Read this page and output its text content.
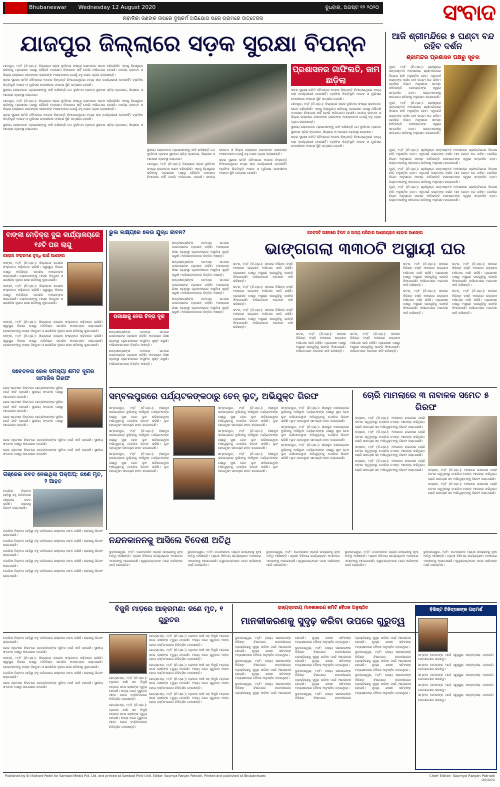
Bhubaneswar Wednesday 12 August 2020	ବୁଧବାର, ଅଗଷ୍ଟ ୧୨ ୨୦୨୦	ସଂବାଦ
ନାବାଳିକା ଜଣଙ୍କ ଉପରେ ଦୁଷ୍କର୍ମ ଅଭିଯୋଗ ପରେ ଗ୍ରାମରେ ଉତ୍ତେଜନା
ଯାଜପୁର ଜିଲ୍ଲାରେ ସଡ଼କ ସୁରକ୍ଷା ବିପନ୍ନ

ଯାଜପୁର, ୧୧/୮ (ନି.ପ୍ର.): ଜିଲ୍ଲାରେ ସଡ଼କ ଦୁର୍ଘଟଣା ସଂଖ୍ୟା କ୍ରମାଗତ ଭାବେ ବଢ଼ିଚାଲିଛି। ଏହାକୁ ନିୟନ୍ତ୍ରଣ କରିବାକୁ ପ୍ରଶାସନ ପକ୍ଷରୁ କୌଣସି ପଦକ୍ଷେପ ନିଆଯାଉ ନାହିଁ ବୋଲି ଅଭିଯୋଗ ହେଉଛି। ଜାତୀୟ ରାଜପଥ ଓ ଜିଲ୍ଲା ରାସ୍ତାରେ ଯାନବାହାନ ଚାଳକଙ୍କ ଅସାବଧାନତା ଯୋଗୁଁ ବହୁ ଲୋକ ପ୍ରାଣ ହରାଉଛନ୍ତି।

ସଡ଼କ ସୁରକ୍ଷା କମିଟି ବୈଠକରେ ଅନେକ ନିଷ୍ପତ୍ତି ନିଆଯାଇଥିଲେ ମଧ୍ୟ ତାହା କାର୍ଯ୍ୟକାରୀ ହେଉନାହିଁ। ଟ୍ରାଫିକ ଭିତ୍ତିଭୂମି ଅଭାବ ଓ ପୁଲିସର ଉଦାସୀନତା ଫଳରେ ସ୍ଥିତି ଗମ୍ଭୀର ହେଉଛି।

ସ୍ଥାନୀୟ ଲୋକମାନେ ପ୍ରଶାସନଙ୍କୁ ଦାବି କରିଛନ୍ତି ଯେ ଦୁର୍ଘଟଣା ପ୍ରବଣ ସ୍ଥାନରେ ସ୍ପିଡ଼ ବ୍ରେକର, ସିଗ୍ନାଲ ଓ ଆଲୋକ ବ୍ୟବସ୍ଥା କରାଯାଉ।

ଯାଜପୁର, ୧୧/୮ (ନି.ପ୍ର.): ଜିଲ୍ଲାରେ ସଡ଼କ ଦୁର୍ଘଟଣା ସଂଖ୍ୟା କ୍ରମାଗତ ଭାବେ ବଢ଼ିଚାଲିଛି। ଏହାକୁ ନିୟନ୍ତ୍ରଣ କରିବାକୁ ପ୍ରଶାସନ ପକ୍ଷରୁ କୌଣସି ପଦକ୍ଷେପ ନିଆଯାଉ ନାହିଁ ବୋଲି ଅଭିଯୋଗ ହେଉଛି। ଜାତୀୟ ରାଜପଥ ଓ ଜିଲ୍ଲା ରାସ୍ତାରେ ଯାନବାହାନ ଚାଳକଙ୍କ ଅସାବଧାନତା ଯୋଗୁଁ ବହୁ ଲୋକ ପ୍ରାଣ ହରାଉଛନ୍ତି।

ସଡ଼କ ସୁରକ୍ଷା କମିଟି ବୈଠକରେ ଅନେକ ନିଷ୍ପତ୍ତି ନିଆଯାଇଥିଲେ ମଧ୍ୟ ତାହା କାର୍ଯ୍ୟକାରୀ ହେଉନାହିଁ। ଟ୍ରାଫିକ ଭିତ୍ତିଭୂମି ଅଭାବ ଓ ପୁଲିସର ଉଦାସୀନତା ଫଳରେ ସ୍ଥିତି ଗମ୍ଭୀର ହେଉଛି।

ସ୍ଥାନୀୟ ଲୋକମାନେ ପ୍ରଶାସନଙ୍କୁ ଦାବି କରିଛନ୍ତି ଯେ ଦୁର୍ଘଟଣା ପ୍ରବଣ ସ୍ଥାନରେ ସ୍ପିଡ଼ ବ୍ରେକର, ସିଗ୍ନାଲ ଓ ଆଲୋକ ବ୍ୟବସ୍ଥା କରାଯାଉ।

ପ୍ରଶାସନର ଗାଫିଲତି, ଜାମ ଛାଡ଼ିଲା

ସଡ଼କ ସୁରକ୍ଷା କମିଟି ବୈଠକରେ ଅନେକ ନିଷ୍ପତ୍ତି ନିଆଯାଇଥିଲେ ମଧ୍ୟ ତାହା କାର୍ଯ୍ୟକାରୀ ହେଉନାହିଁ। ଟ୍ରାଫିକ ଭିତ୍ତିଭୂମି ଅଭାବ ଓ ପୁଲିସର ଉଦାସୀନତା ଫଳରେ ସ୍ଥିତି ଗମ୍ଭୀର ହେଉଛି।

ଯାଜପୁର, ୧୧/୮ (ନି.ପ୍ର.): ଜିଲ୍ଲାରେ ସଡ଼କ ଦୁର୍ଘଟଣା ସଂଖ୍ୟା କ୍ରମାଗତ ଭାବେ ବଢ଼ିଚାଲିଛି। ଏହାକୁ ନିୟନ୍ତ୍ରଣ କରିବାକୁ ପ୍ରଶାସନ ପକ୍ଷରୁ କୌଣସି ପଦକ୍ଷେପ ନିଆଯାଉ ନାହିଁ ବୋଲି ଅଭିଯୋଗ ହେଉଛି। ଜାତୀୟ ରାଜପଥ ଓ ଜିଲ୍ଲା ରାସ୍ତାରେ ଯାନବାହାନ ଚାଳକଙ୍କ ଅସାବଧାନତା ଯୋଗୁଁ ବହୁ ଲୋକ ପ୍ରାଣ ହରାଉଛନ୍ତି।

ସ୍ଥାନୀୟ ଲୋକମାନେ ପ୍ରଶାସନଙ୍କୁ ଦାବି କରିଛନ୍ତି ଯେ ଦୁର୍ଘଟଣା ପ୍ରବଣ ସ୍ଥାନରେ ସ୍ପିଡ଼ ବ୍ରେକର, ସିଗ୍ନାଲ ଓ ଆଲୋକ ବ୍ୟବସ୍ଥା କରାଯାଉ।

ସଡ଼କ ସୁରକ୍ଷା କମିଟି ବୈଠକରେ ଅନେକ ନିଷ୍ପତ୍ତି ନିଆଯାଇଥିଲେ ମଧ୍ୟ ତାହା କାର୍ଯ୍ୟକାରୀ ହେଉନାହିଁ। ଟ୍ରାଫିକ ଭିତ୍ତିଭୂମି ଅଭାବ ଓ ପୁଲିସର ଉଦାସୀନତା ଫଳରେ ସ୍ଥିତି ଗମ୍ଭୀର ହେଉଛି।

ସ୍ଥାନୀୟ ଲୋକମାନେ ପ୍ରଶାସନଙ୍କୁ ଦାବି କରିଛନ୍ତି ଯେ ଦୁର୍ଘଟଣା ପ୍ରବଣ ସ୍ଥାନରେ ସ୍ପିଡ଼ ବ୍ରେକର, ସିଗ୍ନାଲ ଓ ଆଲୋକ ବ୍ୟବସ୍ଥା କରାଯାଉ।

ଯାଜପୁର, ୧୧/୮ (ନି.ପ୍ର.): ଜିଲ୍ଲାରେ ସଡ଼କ ଦୁର୍ଘଟଣା ସଂଖ୍ୟା କ୍ରମାଗତ ଭାବେ ବଢ଼ିଚାଲିଛି। ଏହାକୁ ନିୟନ୍ତ୍ରଣ କରିବାକୁ ପ୍ରଶାସନ ପକ୍ଷରୁ କୌଣସି ପଦକ୍ଷେପ ନିଆଯାଉ ନାହିଁ ବୋଲି ଅଭିଯୋଗ ହେଉଛି। ଜାତୀୟ ରାଜପଥ ଓ ଜିଲ୍ଲା ରାସ୍ତାରେ ଯାନବାହାନ ଚାଳକଙ୍କ ଅସାବଧାନତା ଯୋଗୁଁ ବହୁ ଲୋକ ପ୍ରାଣ ହରାଉଛନ୍ତି।

ସଡ଼କ ସୁରକ୍ଷା କମିଟି ବୈଠକରେ ଅନେକ ନିଷ୍ପତ୍ତି ନିଆଯାଇଥିଲେ ମଧ୍ୟ ତାହା କାର୍ଯ୍ୟକାରୀ ହେଉନାହିଁ। ଟ୍ରାଫିକ ଭିତ୍ତିଭୂମି ଅଭାବ ଓ ପୁଲିସର ଉଦାସୀନତା ଫଳରେ ସ୍ଥିତି ଗମ୍ଭୀର ହେଉଛି।

ଆଜି ଶ୍ରୀମନ୍ଦିରେ ୫ ଘଣ୍ଟା ବନ୍ଦ ରହିବ ଦର୍ଶନ
ଶ୍ରୀମନ୍ଦିର ପ୍ରଶାସନ ପକ୍ଷରୁ ସୂଚନା

ପୁରୀ, ୧୧/୮ (ନି.ପ୍ର.): ଶ୍ରୀକୃଷ୍ଣ ଜନ୍ମାଷ୍ଟମୀ ଅବସରରେ ଶ୍ରୀମନ୍ଦିରରେ ବିଶେଷ ନୀତି ଅନୁଷ୍ଠିତ ହେବ। ଏଥିପାଇଁ ଭକ୍ତଙ୍କ ଦର୍ଶନ ପାଞ୍ଚ ଘଣ୍ଟା ବନ୍ଦ ରହିବ। କୋଭିଡ଼ ନିୟମ ଅନୁସାରେ ସମସ୍ତ ନୀତିକାନ୍ତି ସେବାୟତଙ୍କ ଦ୍ୱାରା ସମ୍ପାଦିତ ହେବ। ଭକ୍ତମାନଙ୍କୁ ସହଯୋଗ କରିବାକୁ ଅନୁରୋଧ କରାଯାଇଛି।

ପୁରୀ, ୧୧/୮ (ନି.ପ୍ର.): ଶ୍ରୀକୃଷ୍ଣ ଜନ୍ମାଷ୍ଟମୀ ଅବସରରେ ଶ୍ରୀମନ୍ଦିରରେ ବିଶେଷ ନୀତି ଅନୁଷ୍ଠିତ ହେବ। ଏଥିପାଇଁ ଭକ୍ତଙ୍କ ଦର୍ଶନ ପାଞ୍ଚ ଘଣ୍ଟା ବନ୍ଦ ରହିବ। କୋଭିଡ଼ ନିୟମ ଅନୁସାରେ ସମସ୍ତ ନୀତିକାନ୍ତି ସେବାୟତଙ୍କ ଦ୍ୱାରା ସମ୍ପାଦିତ ହେବ। ଭକ୍ତମାନଙ୍କୁ ସହଯୋଗ କରିବାକୁ ଅନୁରୋଧ କରାଯାଇଛି।

ପୁରୀ, ୧୧/୮ (ନି.ପ୍ର.): ଶ୍ରୀକୃଷ୍ଣ ଜନ୍ମାଷ୍ଟମୀ ଅବସରରେ ଶ୍ରୀମନ୍ଦିରରେ ବିଶେଷ ନୀତି ଅନୁଷ୍ଠିତ ହେବ। ଏଥିପାଇଁ ଭକ୍ତଙ୍କ ଦର୍ଶନ ପାଞ୍ଚ ଘଣ୍ଟା ବନ୍ଦ ରହିବ। କୋଭିଡ଼ ନିୟମ ଅନୁସାରେ ସମସ୍ତ ନୀତିକାନ୍ତି ସେବାୟତଙ୍କ ଦ୍ୱାରା ସମ୍ପାଦିତ ହେବ। ଭକ୍ତମାନଙ୍କୁ ସହଯୋଗ କରିବାକୁ ଅନୁରୋଧ କରାଯାଇଛି।

ପୁରୀ, ୧୧/୮ (ନି.ପ୍ର.): ଶ୍ରୀକୃଷ୍ଣ ଜନ୍ମାଷ୍ଟମୀ ଅବସରରେ ଶ୍ରୀମନ୍ଦିରରେ ବିଶେଷ ନୀତି ଅନୁଷ୍ଠିତ ହେବ। ଏଥିପାଇଁ ଭକ୍ତଙ୍କ ଦର୍ଶନ ପାଞ୍ଚ ଘଣ୍ଟା ବନ୍ଦ ରହିବ। କୋଭିଡ଼ ନିୟମ ଅନୁସାରେ ସମସ୍ତ ନୀତିକାନ୍ତି ସେବାୟତଙ୍କ ଦ୍ୱାରା ସମ୍ପାଦିତ ହେବ। ଭକ୍ତମାନଙ୍କୁ ସହଯୋଗ କରିବାକୁ ଅନୁରୋଧ କରାଯାଇଛି।

ପୁରୀ, ୧୧/୮ (ନି.ପ୍ର.): ଶ୍ରୀକୃଷ୍ଣ ଜନ୍ମାଷ୍ଟମୀ ଅବସରରେ ଶ୍ରୀମନ୍ଦିରରେ ବିଶେଷ ନୀତି ଅନୁଷ୍ଠିତ ହେବ। ଏଥିପାଇଁ ଭକ୍ତଙ୍କ ଦର୍ଶନ ପାଞ୍ଚ ଘଣ୍ଟା ବନ୍ଦ ରହିବ। କୋଭିଡ଼ ନିୟମ ଅନୁସାରେ ସମସ୍ତ ନୀତିକାନ୍ତି ସେବାୟତଙ୍କ ଦ୍ୱାରା ସମ୍ପାଦିତ ହେବ। ଭକ୍ତମାନଙ୍କୁ ସହଯୋଗ କରିବାକୁ ଅନୁରୋଧ କରାଯାଇଛି।

ବାଙ୍କୀ ମେଡ଼ିକ୍ରା ଦୁଇ କାର୍ଯ୍ୟାଳୟରେ ୧୬ଟି ଘର ଲାଗୁ
କରୋନା ସଂକ୍ରମଣ ବୃଦ୍ଧି ପାଇଁ ଆଶଙ୍କା

ବାଙ୍କୀ, ୧୧/୮ (ନି.ପ୍ର.): ଜିଲ୍ଲାରେ କରୋନା ସଂକ୍ରମଣ ବଢ଼ିବାରେ ଲାଗିଛି। ସ୍ୱାସ୍ଥ୍ୟ ବିଭାଗ ପକ୍ଷରୁ ଅତିରିକ୍ତ ସତର୍କତା ଅବଲମ୍ବନ କରାଯାଇଛି। ଲୋକମାନଙ୍କୁ ମାସ୍କ ପିନ୍ଧିବା ଓ ଶାରୀରିକ ଦୂରତା ରକ୍ଷା କରିବାକୁ କୁହାଯାଇଛି।

ବାଙ୍କୀ, ୧୧/୮ (ନି.ପ୍ର.): ଜିଲ୍ଲାରେ କରୋନା ସଂକ୍ରମଣ ବଢ଼ିବାରେ ଲାଗିଛି। ସ୍ୱାସ୍ଥ୍ୟ ବିଭାଗ ପକ୍ଷରୁ ଅତିରିକ୍ତ ସତର୍କତା ଅବଲମ୍ବନ କରାଯାଇଛି। ଲୋକମାନଙ୍କୁ ମାସ୍କ ପିନ୍ଧିବା ଓ ଶାରୀରିକ ଦୂରତା ରକ୍ଷା କରିବାକୁ କୁହାଯାଇଛି।

ବାଙ୍କୀ, ୧୧/୮ (ନି.ପ୍ର.): ଜିଲ୍ଲାରେ କରୋନା ସଂକ୍ରମଣ ବଢ଼ିବାରେ ଲାଗିଛି। ସ୍ୱାସ୍ଥ୍ୟ ବିଭାଗ ପକ୍ଷରୁ ଅତିରିକ୍ତ ସତର୍କତା ଅବଲମ୍ବନ କରାଯାଇଛି। ଲୋକମାନଙ୍କୁ ମାସ୍କ ପିନ୍ଧିବା ଓ ଶାରୀରିକ ଦୂରତା ରକ୍ଷା କରିବାକୁ କୁହାଯାଇଛି।

ବାଙ୍କୀ, ୧୧/୮ (ନି.ପ୍ର.): ଜିଲ୍ଲାରେ କରୋନା ସଂକ୍ରମଣ ବଢ଼ିବାରେ ଲାଗିଛି। ସ୍ୱାସ୍ଥ୍ୟ ବିଭାଗ ପକ୍ଷରୁ ଅତିରିକ୍ତ ସତର୍କତା ଅବଲମ୍ବନ କରାଯାଇଛି। ଲୋକମାନଙ୍କୁ ମାସ୍କ ପିନ୍ଧିବା ଓ ଶାରୀରିକ ଦୂରତା ରକ୍ଷା କରିବାକୁ କୁହାଯାଇଛି।

ଭୁଲ ଲକ୍ଷ୍ୟରେ କେଉଁ ଯୁଦ୍ଧ ଜୀବନ?

ଛାତ୍ରଛାତ୍ରୀଙ୍କ ପାଠପଢ଼ା ଉପରେ ଲକଡାଉନର ପ୍ରଭାବ ପଡ଼ିଛି। ଅନଲାଇନ ଶିକ୍ଷା ବ୍ୟବସ୍ଥା ଗ୍ରାମାଞ୍ଚଳରେ ଅସୁବିଧା ସୃଷ୍ଟି କରୁଛି। ଅଭିଭାବକମାନେ ଚିନ୍ତିତ ଅଛନ୍ତି।

ଛାତ୍ରଛାତ୍ରୀଙ୍କ ପାଠପଢ଼ା ଉପରେ ଲକଡାଉନର ପ୍ରଭାବ ପଡ଼ିଛି। ଅନଲାଇନ ଶିକ୍ଷା ବ୍ୟବସ୍ଥା ଗ୍ରାମାଞ୍ଚଳରେ ଅସୁବିଧା ସୃଷ୍ଟି କରୁଛି। ଅଭିଭାବକମାନେ ଚିନ୍ତିତ ଅଛନ୍ତି।

ଛାତ୍ରଛାତ୍ରୀଙ୍କ ପାଠପଢ଼ା ଉପରେ ଲକଡାଉନର ପ୍ରଭାବ ପଡ଼ିଛି। ଅନଲାଇନ ଶିକ୍ଷା ବ୍ୟବସ୍ଥା ଗ୍ରାମାଞ୍ଚଳରେ ଅସୁବିଧା ସୃଷ୍ଟି କରୁଛି। ଅଭିଭାବକମାନେ ଚିନ୍ତିତ ଅଛନ୍ତି।

ଛାତ୍ରଛାତ୍ରୀଙ୍କ ପାଠପଢ଼ା ଉପରେ ଲକଡାଉନର ପ୍ରଭାବ ପଡ଼ିଛି। ଅନଲାଇନ ଶିକ୍ଷା ବ୍ୟବସ୍ଥା ଗ୍ରାମାଞ୍ଚଳରେ ଅସୁବିଧା ସୃଷ୍ଟି କରୁଛି। ଅଭିଭାବକମାନେ ଚିନ୍ତିତ ଅଛନ୍ତି।

ପରୀକ୍ଷାକୁ ନେଇ ଚିନ୍ତା ଦୂର

ଛାତ୍ରଛାତ୍ରୀଙ୍କ ପାଠପଢ଼ା ଉପରେ ଲକଡାଉନର ପ୍ରଭାବ ପଡ଼ିଛି। ଅନଲାଇନ ଶିକ୍ଷା ବ୍ୟବସ୍ଥା ଗ୍ରାମାଞ୍ଚଳରେ ଅସୁବିଧା ସୃଷ୍ଟି କରୁଛି। ଅଭିଭାବକମାନେ ଚିନ୍ତିତ ଅଛନ୍ତି।

ଛାତ୍ରଛାତ୍ରୀଙ୍କ ପାଠପଢ଼ା ଉପରେ ଲକଡାଉନର ପ୍ରଭାବ ପଡ଼ିଛି। ଅନଲାଇନ ଶିକ୍ଷା ବ୍ୟବସ୍ଥା ଗ୍ରାମାଞ୍ଚଳରେ ଅସୁବିଧା ସୃଷ୍ଟି କରୁଛି। ଅଭିଭାବକମାନେ ଚିନ୍ତିତ ଅଛନ୍ତି।

ଜନବସତି ଅଞ୍ଚଳରେ ବିପଦ ଓ ଅନ୍ୟ ପରିବାର ଆଶ୍ରୟହୀନ ହେବାର ଆଶଙ୍କା
ଭାଙ୍ଗଗଲା ୩୩୦ଟି ଅସ୍ଥାୟୀ ଘର

କଟକ, ୧୧/୮ (ନି.ପ୍ର.): ସହରର ବିଭିନ୍ନ ବସ୍ତି ଅଞ୍ଚଳରେ ଉଚ୍ଛେଦ ଅଭିଯାନ ଜାରି ରହିଛି। ପ୍ରଶାସନ ପକ୍ଷରୁ ଅସ୍ଥାୟୀ ଘରଗୁଡ଼ିକୁ ଭାଙ୍ଗି ଦିଆଯାଇଛି। ବାସିନ୍ଦାମାନେ ଥଇଥାନ ଦାବି କରିଛନ୍ତି।

କଟକ, ୧୧/୮ (ନି.ପ୍ର.): ସହରର ବିଭିନ୍ନ ବସ୍ତି ଅଞ୍ଚଳରେ ଉଚ୍ଛେଦ ଅଭିଯାନ ଜାରି ରହିଛି। ପ୍ରଶାସନ ପକ୍ଷରୁ ଅସ୍ଥାୟୀ ଘରଗୁଡ଼ିକୁ ଭାଙ୍ଗି ଦିଆଯାଇଛି। ବାସିନ୍ଦାମାନେ ଥଇଥାନ ଦାବି କରିଛନ୍ତି।

କଟକ, ୧୧/୮ (ନି.ପ୍ର.): ସହରର ବିଭିନ୍ନ ବସ୍ତି ଅଞ୍ଚଳରେ ଉଚ୍ଛେଦ ଅଭିଯାନ ଜାରି ରହିଛି। ପ୍ରଶାସନ ପକ୍ଷରୁ ଅସ୍ଥାୟୀ ଘରଗୁଡ଼ିକୁ ଭାଙ୍ଗି ଦିଆଯାଇଛି। ବାସିନ୍ଦାମାନେ ଥଇଥାନ ଦାବି କରିଛନ୍ତି।

କଟକ, ୧୧/୮ (ନି.ପ୍ର.): ସହରର ବିଭିନ୍ନ ବସ୍ତି ଅଞ୍ଚଳରେ ଉଚ୍ଛେଦ ଅଭିଯାନ ଜାରି ରହିଛି। ପ୍ରଶାସନ ପକ୍ଷରୁ ଅସ୍ଥାୟୀ ଘରଗୁଡ଼ିକୁ ଭାଙ୍ଗି ଦିଆଯାଇଛି। ବାସିନ୍ଦାମାନେ ଥଇଥାନ ଦାବି କରିଛନ୍ତି।

କଟକ, ୧୧/୮ (ନି.ପ୍ର.): ସହରର ବିଭିନ୍ନ ବସ୍ତି ଅଞ୍ଚଳରେ ଉଚ୍ଛେଦ ଅଭିଯାନ ଜାରି ରହିଛି। ପ୍ରଶାସନ ପକ୍ଷରୁ ଅସ୍ଥାୟୀ ଘରଗୁଡ଼ିକୁ ଭାଙ୍ଗି ଦିଆଯାଇଛି। ବାସିନ୍ଦାମାନେ ଥଇଥାନ ଦାବି କରିଛନ୍ତି।

କଟକ, ୧୧/୮ (ନି.ପ୍ର.): ସହରର ବିଭିନ୍ନ ବସ୍ତି ଅଞ୍ଚଳରେ ଉଚ୍ଛେଦ ଅଭିଯାନ ଜାରି ରହିଛି। ପ୍ରଶାସନ ପକ୍ଷରୁ ଅସ୍ଥାୟୀ ଘରଗୁଡ଼ିକୁ ଭାଙ୍ଗି ଦିଆଯାଇଛି। ବାସିନ୍ଦାମାନେ ଥଇଥାନ ଦାବି କରିଛନ୍ତି।

କଟକ, ୧୧/୮ (ନି.ପ୍ର.): ସହରର ବିଭିନ୍ନ ବସ୍ତି ଅଞ୍ଚଳରେ ଉଚ୍ଛେଦ ଅଭିଯାନ ଜାରି ରହିଛି। ପ୍ରଶାସନ ପକ୍ଷରୁ ଅସ୍ଥାୟୀ ଘରଗୁଡ଼ିକୁ ଭାଙ୍ଗି ଦିଆଯାଇଛି। ବାସିନ୍ଦାମାନେ ଥଇଥାନ ଦାବି କରିଛନ୍ତି।

କଟକ, ୧୧/୮ (ନି.ପ୍ର.): ସହରର ବିଭିନ୍ନ ବସ୍ତି ଅଞ୍ଚଳରେ ଉଚ୍ଛେଦ ଅଭିଯାନ ଜାରି ରହିଛି। ପ୍ରଶାସନ ପକ୍ଷରୁ ଅସ୍ଥାୟୀ ଘରଗୁଡ଼ିକୁ ଭାଙ୍ଗି ଦିଆଯାଇଛି। ବାସିନ୍ଦାମାନେ ଥଇଥାନ ଦାବି କରିଛନ୍ତି।

କଟକ, ୧୧/୮ (ନି.ପ୍ର.): ସହରର ବିଭିନ୍ନ ବସ୍ତି ଅଞ୍ଚଳରେ ଉଚ୍ଛେଦ ଅଭିଯାନ ଜାରି ରହିଛି। ପ୍ରଶାସନ ପକ୍ଷରୁ ଅସ୍ଥାୟୀ ଘରଗୁଡ଼ିକୁ ଭାଙ୍ଗି ଦିଆଯାଇଛି। ବାସିନ୍ଦାମାନେ ଥଇଥାନ ଦାବି କରିଛନ୍ତି।

ସଚେତନତା ରେଳ ସମସ୍ୟା ଶମିତି ଦୂର୍ଗର ସାମାଜିକ ଗିରଫ

ରେଳ ଷ୍ଟେସନ ନିକଟରେ ଯାତ୍ରୀମାନଙ୍କ ସୁବିଧା ପାଇଁ ଦାବି ହୋଇଛି। ସ୍ଥାନୀୟ ସଂଗଠନ ପକ୍ଷରୁ ଆନ୍ଦୋଳନ ହୋଇଛି।

ରେଳ ଷ୍ଟେସନ ନିକଟରେ ଯାତ୍ରୀମାନଙ୍କ ସୁବିଧା ପାଇଁ ଦାବି ହୋଇଛି। ସ୍ଥାନୀୟ ସଂଗଠନ ପକ୍ଷରୁ ଆନ୍ଦୋଳନ ହୋଇଛି।

ରେଳ ଷ୍ଟେସନ ନିକଟରେ ଯାତ୍ରୀମାନଙ୍କ ସୁବିଧା ପାଇଁ ଦାବି ହୋଇଛି। ସ୍ଥାନୀୟ ସଂଗଠନ ପକ୍ଷରୁ ଆନ୍ଦୋଳନ ହୋଇଛି।

ରେଳ ଷ୍ଟେସନ ନିକଟରେ ଯାତ୍ରୀମାନଙ୍କ ସୁବିଧା ପାଇଁ ଦାବି ହୋଇଛି। ସ୍ଥାନୀୟ ସଂଗଠନ ପକ୍ଷରୁ ଆନ୍ଦୋଳନ ହୋଇଛି।

ରେଳ ଷ୍ଟେସନ ନିକଟରେ ଯାତ୍ରୀମାନଙ୍କ ସୁବିଧା ପାଇଁ ଦାବି ହୋଇଛି। ସ୍ଥାନୀୟ ସଂଗଠନ ପକ୍ଷରୁ ଆନ୍ଦୋଳନ ହୋଇଛି।

ଗଞ୍ଜେଇ ଜବତ ନେଇଥିଲା ପିକ୍‌ଅପ୍: ଜଣେ ମୃତ, ୨ ଆହତ

ପୋଲିସ ପିକ୍‌ଅପ ଗାଡ଼ିରୁ ବହୁ ପରିମାଣର ଗଞ୍ଜେଇ ଜବତ କରିଛି। ଚାଳକକୁ ଗିରଫ କରାଯାଇଛି।

ପୋଲିସ ପିକ୍‌ଅପ ଗାଡ଼ିରୁ ବହୁ ପରିମାଣର ଗଞ୍ଜେଇ ଜବତ କରିଛି। ଚାଳକକୁ ଗିରଫ କରାଯାଇଛି।

ପୋଲିସ ପିକ୍‌ଅପ ଗାଡ଼ିରୁ ବହୁ ପରିମାଣର ଗଞ୍ଜେଇ ଜବତ କରିଛି। ଚାଳକକୁ ଗିରଫ କରାଯାଇଛି।

ପୋଲିସ ପିକ୍‌ଅପ ଗାଡ଼ିରୁ ବହୁ ପରିମାଣର ଗଞ୍ଜେଇ ଜବତ କରିଛି। ଚାଳକକୁ ଗିରଫ କରାଯାଇଛି।

ପୋଲିସ ପିକ୍‌ଅପ ଗାଡ଼ିରୁ ବହୁ ପରିମାଣର ଗଞ୍ଜେଇ ଜବତ କରିଛି। ଚାଳକକୁ ଗିରଫ କରାଯାଇଛି।

ପୋଲିସ ପିକ୍‌ଅପ ଗାଡ଼ିରୁ ବହୁ ପରିମାଣର ଗଞ୍ଜେଇ ଜବତ କରିଛି। ଚାଳକକୁ ଗିରଫ କରାଯାଇଛି।

ସମ୍ବଲପୁରରେ ପର୍ଯ୍ୟଟକଙ୍କଠାରୁ ଚେନ୍ ଲୁଟ୍, ଅଭିଯୁକ୍ତ ଗିରଫ

ସମ୍ବଲପୁର, ୧୧/୮ (ନି.ପ୍ର.): ହୀରାକୁଦ ଜଳଭଣ୍ଡାର ବୁଲିବାକୁ ଆସିଥିବା ପର୍ଯ୍ୟଟକଙ୍କ ଗଳାରୁ ସୁନା ଚେନ ଲୁଟ କରିନେଇଥିବା ଅଭିଯୁକ୍ତକୁ ପୋଲିସ ଗିରଫ କରିଛି। ଲୁଟ ହୋଇଥିବା ସାମଗ୍ରୀ ଜବତ କରାଯାଇଛି।

ସମ୍ବଲପୁର, ୧୧/୮ (ନି.ପ୍ର.): ହୀରାକୁଦ ଜଳଭଣ୍ଡାର ବୁଲିବାକୁ ଆସିଥିବା ପର୍ଯ୍ୟଟକଙ୍କ ଗଳାରୁ ସୁନା ଚେନ ଲୁଟ କରିନେଇଥିବା ଅଭିଯୁକ୍ତକୁ ପୋଲିସ ଗିରଫ କରିଛି। ଲୁଟ ହୋଇଥିବା ସାମଗ୍ରୀ ଜବତ କରାଯାଇଛି।

ସମ୍ବଲପୁର, ୧୧/୮ (ନି.ପ୍ର.): ହୀରାକୁଦ ଜଳଭଣ୍ଡାର ବୁଲିବାକୁ ଆସିଥିବା ପର୍ଯ୍ୟଟକଙ୍କ ଗଳାରୁ ସୁନା ଚେନ ଲୁଟ କରିନେଇଥିବା ଅଭିଯୁକ୍ତକୁ ପୋଲିସ ଗିରଫ କରିଛି। ଲୁଟ ହୋଇଥିବା ସାମଗ୍ରୀ ଜବତ କରାଯାଇଛି।

ସମ୍ବଲପୁର, ୧୧/୮ (ନି.ପ୍ର.): ହୀରାକୁଦ ଜଳଭଣ୍ଡାର ବୁଲିବାକୁ ଆସିଥିବା ପର୍ଯ୍ୟଟକଙ୍କ ଗଳାରୁ ସୁନା ଚେନ ଲୁଟ କରିନେଇଥିବା ଅଭିଯୁକ୍ତକୁ ପୋଲିସ ଗିରଫ କରିଛି। ଲୁଟ ହୋଇଥିବା ସାମଗ୍ରୀ ଜବତ କରାଯାଇଛି।

ସମ୍ବଲପୁର, ୧୧/୮ (ନି.ପ୍ର.): ହୀରାକୁଦ ଜଳଭଣ୍ଡାର ବୁଲିବାକୁ ଆସିଥିବା ପର୍ଯ୍ୟଟକଙ୍କ ଗଳାରୁ ସୁନା ଚେନ ଲୁଟ କରିନେଇଥିବା ଅଭିଯୁକ୍ତକୁ ପୋଲିସ ଗିରଫ କରିଛି। ଲୁଟ ହୋଇଥିବା ସାମଗ୍ରୀ ଜବତ କରାଯାଇଛି।

ସମ୍ବଲପୁର, ୧୧/୮ (ନି.ପ୍ର.): ହୀରାକୁଦ ଜଳଭଣ୍ଡାର ବୁଲିବାକୁ ଆସିଥିବା ପର୍ଯ୍ୟଟକଙ୍କ ଗଳାରୁ ସୁନା ଚେନ ଲୁଟ କରିନେଇଥିବା ଅଭିଯୁକ୍ତକୁ ପୋଲିସ ଗିରଫ କରିଛି। ଲୁଟ ହୋଇଥିବା ସାମଗ୍ରୀ ଜବତ କରାଯାଇଛି।

ସମ୍ବଲପୁର, ୧୧/୮ (ନି.ପ୍ର.): ହୀରାକୁଦ ଜଳଭଣ୍ଡାର ବୁଲିବାକୁ ଆସିଥିବା ପର୍ଯ୍ୟଟକଙ୍କ ଗଳାରୁ ସୁନା ଚେନ ଲୁଟ କରିନେଇଥିବା ଅଭିଯୁକ୍ତକୁ ପୋଲିସ ଗିରଫ କରିଛି। ଲୁଟ ହୋଇଥିବା ସାମଗ୍ରୀ ଜବତ କରାଯାଇଛି।

ସମ୍ବଲପୁର, ୧୧/୮ (ନି.ପ୍ର.): ହୀରାକୁଦ ଜଳଭଣ୍ଡାର ବୁଲିବାକୁ ଆସିଥିବା ପର୍ଯ୍ୟଟକଙ୍କ ଗଳାରୁ ସୁନା ଚେନ ଲୁଟ କରିନେଇଥିବା ଅଭିଯୁକ୍ତକୁ ପୋଲିସ ଗିରଫ କରିଛି। ଲୁଟ ହୋଇଥିବା ସାମଗ୍ରୀ ଜବତ କରାଯାଇଛି।

ସମ୍ବଲପୁର, ୧୧/୮ (ନି.ପ୍ର.): ହୀରାକୁଦ ଜଳଭଣ୍ଡାର ବୁଲିବାକୁ ଆସିଥିବା ପର୍ଯ୍ୟଟକଙ୍କ ଗଳାରୁ ସୁନା ଚେନ ଲୁଟ କରିନେଇଥିବା ଅଭିଯୁକ୍ତକୁ ପୋଲିସ ଗିରଫ କରିଛି। ଲୁଟ ହୋଇଥିବା ସାମଗ୍ରୀ ଜବତ କରାଯାଇଛି।

ଚୋରି ମାମଲାରେ ୩ ନାବାଳକ ସମେତ ୫ ଗିରଫ

ଭଦ୍ରକ, ୧୧/୮ (ନି.ପ୍ର.): ଅଞ୍ଚଳରେ ଲଗାତାର ଚୋରି ଘଟଣା ଘଟୁଥିବାରୁ ପୋଲିସ ତଦନ୍ତ ଆରମ୍ଭ କରିଥିଲା। ଚୋରି ସାମଗ୍ରୀ ସହ ଅଭିଯୁକ୍ତଙ୍କୁ ଗିରଫ କରାଯାଇଛି।

ଭଦ୍ରକ, ୧୧/୮ (ନି.ପ୍ର.): ଅଞ୍ଚଳରେ ଲଗାତାର ଚୋରି ଘଟଣା ଘଟୁଥିବାରୁ ପୋଲିସ ତଦନ୍ତ ଆରମ୍ଭ କରିଥିଲା। ଚୋରି ସାମଗ୍ରୀ ସହ ଅଭିଯୁକ୍ତଙ୍କୁ ଗିରଫ କରାଯାଇଛି।

ଭଦ୍ରକ, ୧୧/୮ (ନି.ପ୍ର.): ଅଞ୍ଚଳରେ ଲଗାତାର ଚୋରି ଘଟଣା ଘଟୁଥିବାରୁ ପୋଲିସ ତଦନ୍ତ ଆରମ୍ଭ କରିଥିଲା। ଚୋରି ସାମଗ୍ରୀ ସହ ଅଭିଯୁକ୍ତଙ୍କୁ ଗିରଫ କରାଯାଇଛି।

ଭଦ୍ରକ, ୧୧/୮ (ନି.ପ୍ର.): ଅଞ୍ଚଳରେ ଲଗାତାର ଚୋରି ଘଟଣା ଘଟୁଥିବାରୁ ପୋଲିସ ତଦନ୍ତ ଆରମ୍ଭ କରିଥିଲା। ଚୋରି ସାମଗ୍ରୀ ସହ ଅଭିଯୁକ୍ତଙ୍କୁ ଗିରଫ କରାଯାଇଛି।	ଭଦ୍ରକ, ୧୧/୮ (ନି.ପ୍ର.): ଅଞ୍ଚଳରେ ଲଗାତାର ଚୋରି ଘଟଣା ଘଟୁଥିବାରୁ ପୋଲିସ ତଦନ୍ତ ଆରମ୍ଭ କରିଥିଲା। ଚୋରି ସାମଗ୍ରୀ ସହ ଅଭିଯୁକ୍ତଙ୍କୁ ଗିରଫ କରାଯାଇଛି।

ଭଦ୍ରକ, ୧୧/୮ (ନି.ପ୍ର.): ଅଞ୍ଚଳରେ ଲଗାତାର ଚୋରି ଘଟଣା ଘଟୁଥିବାରୁ ପୋଲିସ ତଦନ୍ତ ଆରମ୍ଭ କରିଥିଲା। ଚୋରି ସାମଗ୍ରୀ ସହ ଅଭିଯୁକ୍ତଙ୍କୁ ଗିରଫ କରାଯାଇଛି।

ନନ୍ଦନକାନନକୁ ଆସିଲେ ବିଦେଶୀ ଅତିଥି

ଭୁବନେଶ୍ୱର, ୧୧/୮: ନନ୍ଦନକାନନ ପ୍ରାଣୀ ଉଦ୍ୟାନକୁ ନୂଆ ଅତିଥି ଆସିଛନ୍ତି। ପ୍ରାଣୀ ବିନିମୟ କାର୍ଯ୍ୟକ୍ରମ ଅଧୀନରେ ଏମାନଙ୍କୁ ଆଣାଯାଇଛି। କ୍ୱାରେଣ୍ଟାଇନ ପରେ ଦର୍ଶକଙ୍କ ପାଇଁ ଖୋଲାଯିବ।

ଭୁବନେଶ୍ୱର, ୧୧/୮: ନନ୍ଦନକାନନ ପ୍ରାଣୀ ଉଦ୍ୟାନକୁ ନୂଆ ଅତିଥି ଆସିଛନ୍ତି। ପ୍ରାଣୀ ବିନିମୟ କାର୍ଯ୍ୟକ୍ରମ ଅଧୀନରେ ଏମାନଙ୍କୁ ଆଣାଯାଇଛି। କ୍ୱାରେଣ୍ଟାଇନ ପରେ ଦର୍ଶକଙ୍କ ପାଇଁ ଖୋଲାଯିବ।

ଭୁବନେଶ୍ୱର, ୧୧/୮: ନନ୍ଦନକାନନ ପ୍ରାଣୀ ଉଦ୍ୟାନକୁ ନୂଆ ଅତିଥି ଆସିଛନ୍ତି। ପ୍ରାଣୀ ବିନିମୟ କାର୍ଯ୍ୟକ୍ରମ ଅଧୀନରେ ଏମାନଙ୍କୁ ଆଣାଯାଇଛି। କ୍ୱାରେଣ୍ଟାଇନ ପରେ ଦର୍ଶକଙ୍କ ପାଇଁ ଖୋଲାଯିବ।

ଭୁବନେଶ୍ୱର, ୧୧/୮: ନନ୍ଦନକାନନ ପ୍ରାଣୀ ଉଦ୍ୟାନକୁ ନୂଆ ଅତିଥି ଆସିଛନ୍ତି। ପ୍ରାଣୀ ବିନିମୟ କାର୍ଯ୍ୟକ୍ରମ ଅଧୀନରେ ଏମାନଙ୍କୁ ଆଣାଯାଇଛି। କ୍ୱାରେଣ୍ଟାଇନ ପରେ ଦର୍ଶକଙ୍କ ପାଇଁ ଖୋଲାଯିବ।

ଭୁବନେଶ୍ୱର, ୧୧/୮: ନନ୍ଦନକାନନ ପ୍ରାଣୀ ଉଦ୍ୟାନକୁ ନୂଆ ଅତିଥି ଆସିଛନ୍ତି। ପ୍ରାଣୀ ବିନିମୟ କାର୍ଯ୍ୟକ୍ରମ ଅଧୀନରେ ଏମାନଙ୍କୁ ଆଣାଯାଇଛି। କ୍ୱାରେଣ୍ଟାଇନ ପରେ ଦର୍ଶକଙ୍କ ପାଇଁ ଖୋଲାଯିବ।

ବିଜୁଳି ମାଡ଼ରେ ଆକ୍ରମଣ: ଜଣେ ମୃତ, ୧ ଗୁରୁତର

କେନ୍ଦ୍ରାପଡ଼ା, ୧୧/୮ (ନି.ପ୍ର.): ପ୍ରବଳ ବର୍ଷା ସହ ବିଜୁଳି ମାଡ଼ରେ ଜଣେ ଚାଷୀଙ୍କ ମୃତ୍ୟୁ ହୋଇଛି। ଅନ୍ୟ ଜଣେ ଗୁରୁତର ଆହତ ହୋଇ ହସ୍ପିଟାଲରେ ଚିକିତ୍ସିତ ହେଉଛନ୍ତି।

କେନ୍ଦ୍ରାପଡ଼ା, ୧୧/୮ (ନି.ପ୍ର.): ପ୍ରବଳ ବର୍ଷା ସହ ବିଜୁଳି ମାଡ଼ରେ ଜଣେ ଚାଷୀଙ୍କ ମୃତ୍ୟୁ ହୋଇଛି। ଅନ୍ୟ ଜଣେ ଗୁରୁତର ଆହତ ହୋଇ ହସ୍ପିଟାଲରେ ଚିକିତ୍ସିତ ହେଉଛନ୍ତି।

କେନ୍ଦ୍ରାପଡ଼ା, ୧୧/୮ (ନି.ପ୍ର.): ପ୍ରବଳ ବର୍ଷା ସହ ବିଜୁଳି ମାଡ଼ରେ ଜଣେ ଚାଷୀଙ୍କ ମୃତ୍ୟୁ ହୋଇଛି। ଅନ୍ୟ ଜଣେ ଗୁରୁତର ଆହତ ହୋଇ ହସ୍ପିଟାଲରେ ଚିକିତ୍ସିତ ହେଉଛନ୍ତି।

କେନ୍ଦ୍ରାପଡ଼ା, ୧୧/୮ (ନି.ପ୍ର.): ପ୍ରବଳ ବର୍ଷା ସହ ବିଜୁଳି ମାଡ଼ରେ ଜଣେ ଚାଷୀଙ୍କ ମୃତ୍ୟୁ ହୋଇଛି। ଅନ୍ୟ ଜଣେ ଗୁରୁତର ଆହତ ହୋଇ ହସ୍ପିଟାଲରେ ଚିକିତ୍ସିତ ହେଉଛନ୍ତି।

କେନ୍ଦ୍ରାପଡ଼ା, ୧୧/୮ (ନି.ପ୍ର.): ପ୍ରବଳ ବର୍ଷା ସହ ବିଜୁଳି ମାଡ଼ରେ ଜଣେ ଚାଷୀଙ୍କ ମୃତ୍ୟୁ ହୋଇଛି। ଅନ୍ୟ ଜଣେ ଗୁରୁତର ଆହତ ହୋଇ ହସ୍ପିଟାଲରେ ଚିକିତ୍ସିତ ହେଉଛନ୍ତି।

କେନ୍ଦ୍ରାପଡ଼ା, ୧୧/୮ (ନି.ପ୍ର.): ପ୍ରବଳ ବର୍ଷା ସହ ବିଜୁଳି ମାଡ଼ରେ ଜଣେ ଚାଷୀଙ୍କ ମୃତ୍ୟୁ ହୋଇଛି। ଅନ୍ୟ ଜଣେ ଗୁରୁତର ଆହତ ହୋଇ ହସ୍ପିଟାଲରେ ଚିକିତ୍ସିତ ହେଉଛନ୍ତି।

କେନ୍ଦ୍ରାପଡ଼ା, ୧୧/୮ (ନି.ପ୍ର.): ପ୍ରବଳ ବର୍ଷା ସହ ବିଜୁଳି ମାଡ଼ରେ ଜଣେ ଚାଷୀଙ୍କ ମୃତ୍ୟୁ ହୋଇଛି। ଅନ୍ୟ ଜଣେ ଗୁରୁତର ଆହତ ହୋଇ ହସ୍ପିଟାଲରେ ଚିକିତ୍ସିତ ହେଉଛନ୍ତି।

ପୋଲିସ ପିକ୍‌ଅପ ଗାଡ଼ିରୁ ବହୁ ପରିମାଣର ଗଞ୍ଜେଇ ଜବତ କରିଛି। ଚାଳକକୁ ଗିରଫ କରାଯାଇଛି।

ରେଳ ଷ୍ଟେସନ ନିକଟରେ ଯାତ୍ରୀମାନଙ୍କ ସୁବିଧା ପାଇଁ ଦାବି ହୋଇଛି। ସ୍ଥାନୀୟ ସଂଗଠନ ପକ୍ଷରୁ ଆନ୍ଦୋଳନ ହୋଇଛି।

ବାଙ୍କୀ, ୧୧/୮ (ନି.ପ୍ର.): ଜିଲ୍ଲାରେ କରୋନା ସଂକ୍ରମଣ ବଢ଼ିବାରେ ଲାଗିଛି। ସ୍ୱାସ୍ଥ୍ୟ ବିଭାଗ ପକ୍ଷରୁ ଅତିରିକ୍ତ ସତର୍କତା ଅବଲମ୍ବନ କରାଯାଇଛି। ଲୋକମାନଙ୍କୁ ମାସ୍କ ପିନ୍ଧିବା ଓ ଶାରୀରିକ ଦୂରତା ରକ୍ଷା କରିବାକୁ କୁହାଯାଇଛି।

ପୋଲିସ ପିକ୍‌ଅପ ଗାଡ଼ିରୁ ବହୁ ପରିମାଣର ଗଞ୍ଜେଇ ଜବତ କରିଛି। ଚାଳକକୁ ଗିରଫ କରାଯାଇଛି।

ରେଳ ଷ୍ଟେସନ ନିକଟରେ ଯାତ୍ରୀମାନଙ୍କ ସୁବିଧା ପାଇଁ ଦାବି ହୋଇଛି। ସ୍ଥାନୀୟ ସଂଗଠନ ପକ୍ଷରୁ ଆନ୍ଦୋଳନ ହୋଇଛି।

ରାଜ୍ୟସ୍ତରୀୟ ମାନକୀକରଣ କମିଟି ବୈଠକ ଅନୁଷ୍ଠିତ
ମାନକୀକରଣକୁ ସୁଦୃଢ଼ କରିବା ଉପରେ ଗୁରୁତ୍ୱ

ଭୁବନେଶ୍ୱର, ୧୧/୮: ରାଜ୍ୟ ସରକାରଙ୍କ ବିଭିନ୍ନ ବିଭାଗରେ ମାନକୀକରଣ ପ୍ରକ୍ରିୟାକୁ ସୁଦୃଢ଼ କରିବା ପାଇଁ ଆଲୋଚନା ହୋଇଛି। ମୁଖ୍ୟ ଶାସନ ସଚିବଙ୍କ ଅଧ୍ୟକ୍ଷତାରେ ବୈଠକ ଅନୁଷ୍ଠିତ ହୋଇଥିଲା।

ଭୁବନେଶ୍ୱର, ୧୧/୮: ରାଜ୍ୟ ସରକାରଙ୍କ ବିଭିନ୍ନ ବିଭାଗରେ ମାନକୀକରଣ ପ୍ରକ୍ରିୟାକୁ ସୁଦୃଢ଼ କରିବା ପାଇଁ ଆଲୋଚନା ହୋଇଛି। ମୁଖ୍ୟ ଶାସନ ସଚିବଙ୍କ ଅଧ୍ୟକ୍ଷତାରେ ବୈଠକ ଅନୁଷ୍ଠିତ ହୋଇଥିଲା।

ଭୁବନେଶ୍ୱର, ୧୧/୮: ରାଜ୍ୟ ସରକାରଙ୍କ ବିଭିନ୍ନ ବିଭାଗରେ ମାନକୀକରଣ ପ୍ରକ୍ରିୟାକୁ ସୁଦୃଢ଼ କରିବା ପାଇଁ ଆଲୋଚନା ହୋଇଛି। ମୁଖ୍ୟ ଶାସନ ସଚିବଙ୍କ ଅଧ୍ୟକ୍ଷତାରେ ବୈଠକ ଅନୁଷ୍ଠିତ ହୋଇଥିଲା।

ଭୁବନେଶ୍ୱର, ୧୧/୮: ରାଜ୍ୟ ସରକାରଙ୍କ ବିଭିନ୍ନ ବିଭାଗରେ ମାନକୀକରଣ ପ୍ରକ୍ରିୟାକୁ ସୁଦୃଢ଼ କରିବା ପାଇଁ ଆଲୋଚନା ହୋଇଛି। ମୁଖ୍ୟ ଶାସନ ସଚିବଙ୍କ ଅଧ୍ୟକ୍ଷତାରେ ବୈଠକ ଅନୁଷ୍ଠିତ ହୋଇଥିଲା।

ଭୁବନେଶ୍ୱର, ୧୧/୮: ରାଜ୍ୟ ସରକାରଙ୍କ ବିଭିନ୍ନ ବିଭାଗରେ ମାନକୀକରଣ ପ୍ରକ୍ରିୟାକୁ ସୁଦୃଢ଼ କରିବା ପାଇଁ ଆଲୋଚନା ହୋଇଛି। ମୁଖ୍ୟ ଶାସନ ସଚିବଙ୍କ ଅଧ୍ୟକ୍ଷତାରେ ବୈଠକ ଅନୁଷ୍ଠିତ ହୋଇଥିଲା।

ଭୁବନେଶ୍ୱର, ୧୧/୮: ରାଜ୍ୟ ସରକାରଙ୍କ ବିଭିନ୍ନ ବିଭାଗରେ ମାନକୀକରଣ ପ୍ରକ୍ରିୟାକୁ ସୁଦୃଢ଼ କରିବା ପାଇଁ ଆଲୋଚନା ହୋଇଛି। ମୁଖ୍ୟ ଶାସନ ସଚିବଙ୍କ ଅଧ୍ୟକ୍ଷତାରେ ବୈଠକ ଅନୁଷ୍ଠିତ ହୋଇଥିଲା।

ଭୁବନେଶ୍ୱର, ୧୧/୮: ରାଜ୍ୟ ସରକାରଙ୍କ ବିଭିନ୍ନ ବିଭାଗରେ ମାନକୀକରଣ ପ୍ରକ୍ରିୟାକୁ ସୁଦୃଢ଼ କରିବା ପାଇଁ ଆଲୋଚନା ହୋଇଛି। ମୁଖ୍ୟ ଶାସନ ସଚିବଙ୍କ ଅଧ୍ୟକ୍ଷତାରେ ବୈଠକ ଅନୁଷ୍ଠିତ ହୋଇଥିଲା।

ଭୁବନେଶ୍ୱର, ୧୧/୮: ରାଜ୍ୟ ସରକାରଙ୍କ ବିଭିନ୍ନ ବିଭାଗରେ ମାନକୀକରଣ ପ୍ରକ୍ରିୟାକୁ ସୁଦୃଢ଼ କରିବା ପାଇଁ ଆଲୋଚନା ହୋଇଛି। ମୁଖ୍ୟ ଶାସନ ସଚିବଙ୍କ ଅଧ୍ୟକ୍ଷତାରେ ବୈଠକ ଅନୁଷ୍ଠିତ ହୋଇଥିଲା।

ବିଶିଷ୍ଟ ଚିକିତ୍ସକଙ୍କ ପରାମର୍ଶ

ସମ୍ବାଦ ପାଠକଙ୍କ ପାଇଁ ସ୍ୱାସ୍ଥ୍ୟ ସମ୍ବନ୍ଧୀୟ ପରାମର୍ଶ। ଯୋଗାଯୋଗ କରନ୍ତୁ।

ସମ୍ବାଦ ପାଠକଙ୍କ ପାଇଁ ସ୍ୱାସ୍ଥ୍ୟ ସମ୍ବନ୍ଧୀୟ ପରାମର୍ଶ। ଯୋଗାଯୋଗ କରନ୍ତୁ।

ସମ୍ବାଦ ପାଠକଙ୍କ ପାଇଁ ସ୍ୱାସ୍ଥ୍ୟ ସମ୍ବନ୍ଧୀୟ ପରାମର୍ଶ। ଯୋଗାଯୋଗ କରନ୍ତୁ।

ସମ୍ବାଦ ପାଠକଙ୍କ ପାଇଁ ସ୍ୱାସ୍ଥ୍ୟ ସମ୍ବନ୍ଧୀୟ ପରାମର୍ଶ। ଯୋଗାଯୋଗ କରନ୍ତୁ।

ସମ୍ବାଦ ପାଠକଙ୍କ ପାଇଁ ସ୍ୱାସ୍ଥ୍ୟ ସମ୍ବନ୍ଧୀୟ ପରାମର୍ଶ। ଯୋଗାଯୋଗ କରନ୍ତୁ।

Published by Sri Kishore Padhi for Sambad Media Pvt. Ltd. and printed at Sambad Print Unit. Editor: Soumya Ranjan Patnaik. Printed and published at Bhubaneswar.	Chief Editor: Soumya Ranjan Patnaik
ସମ୍ପାଦକ
